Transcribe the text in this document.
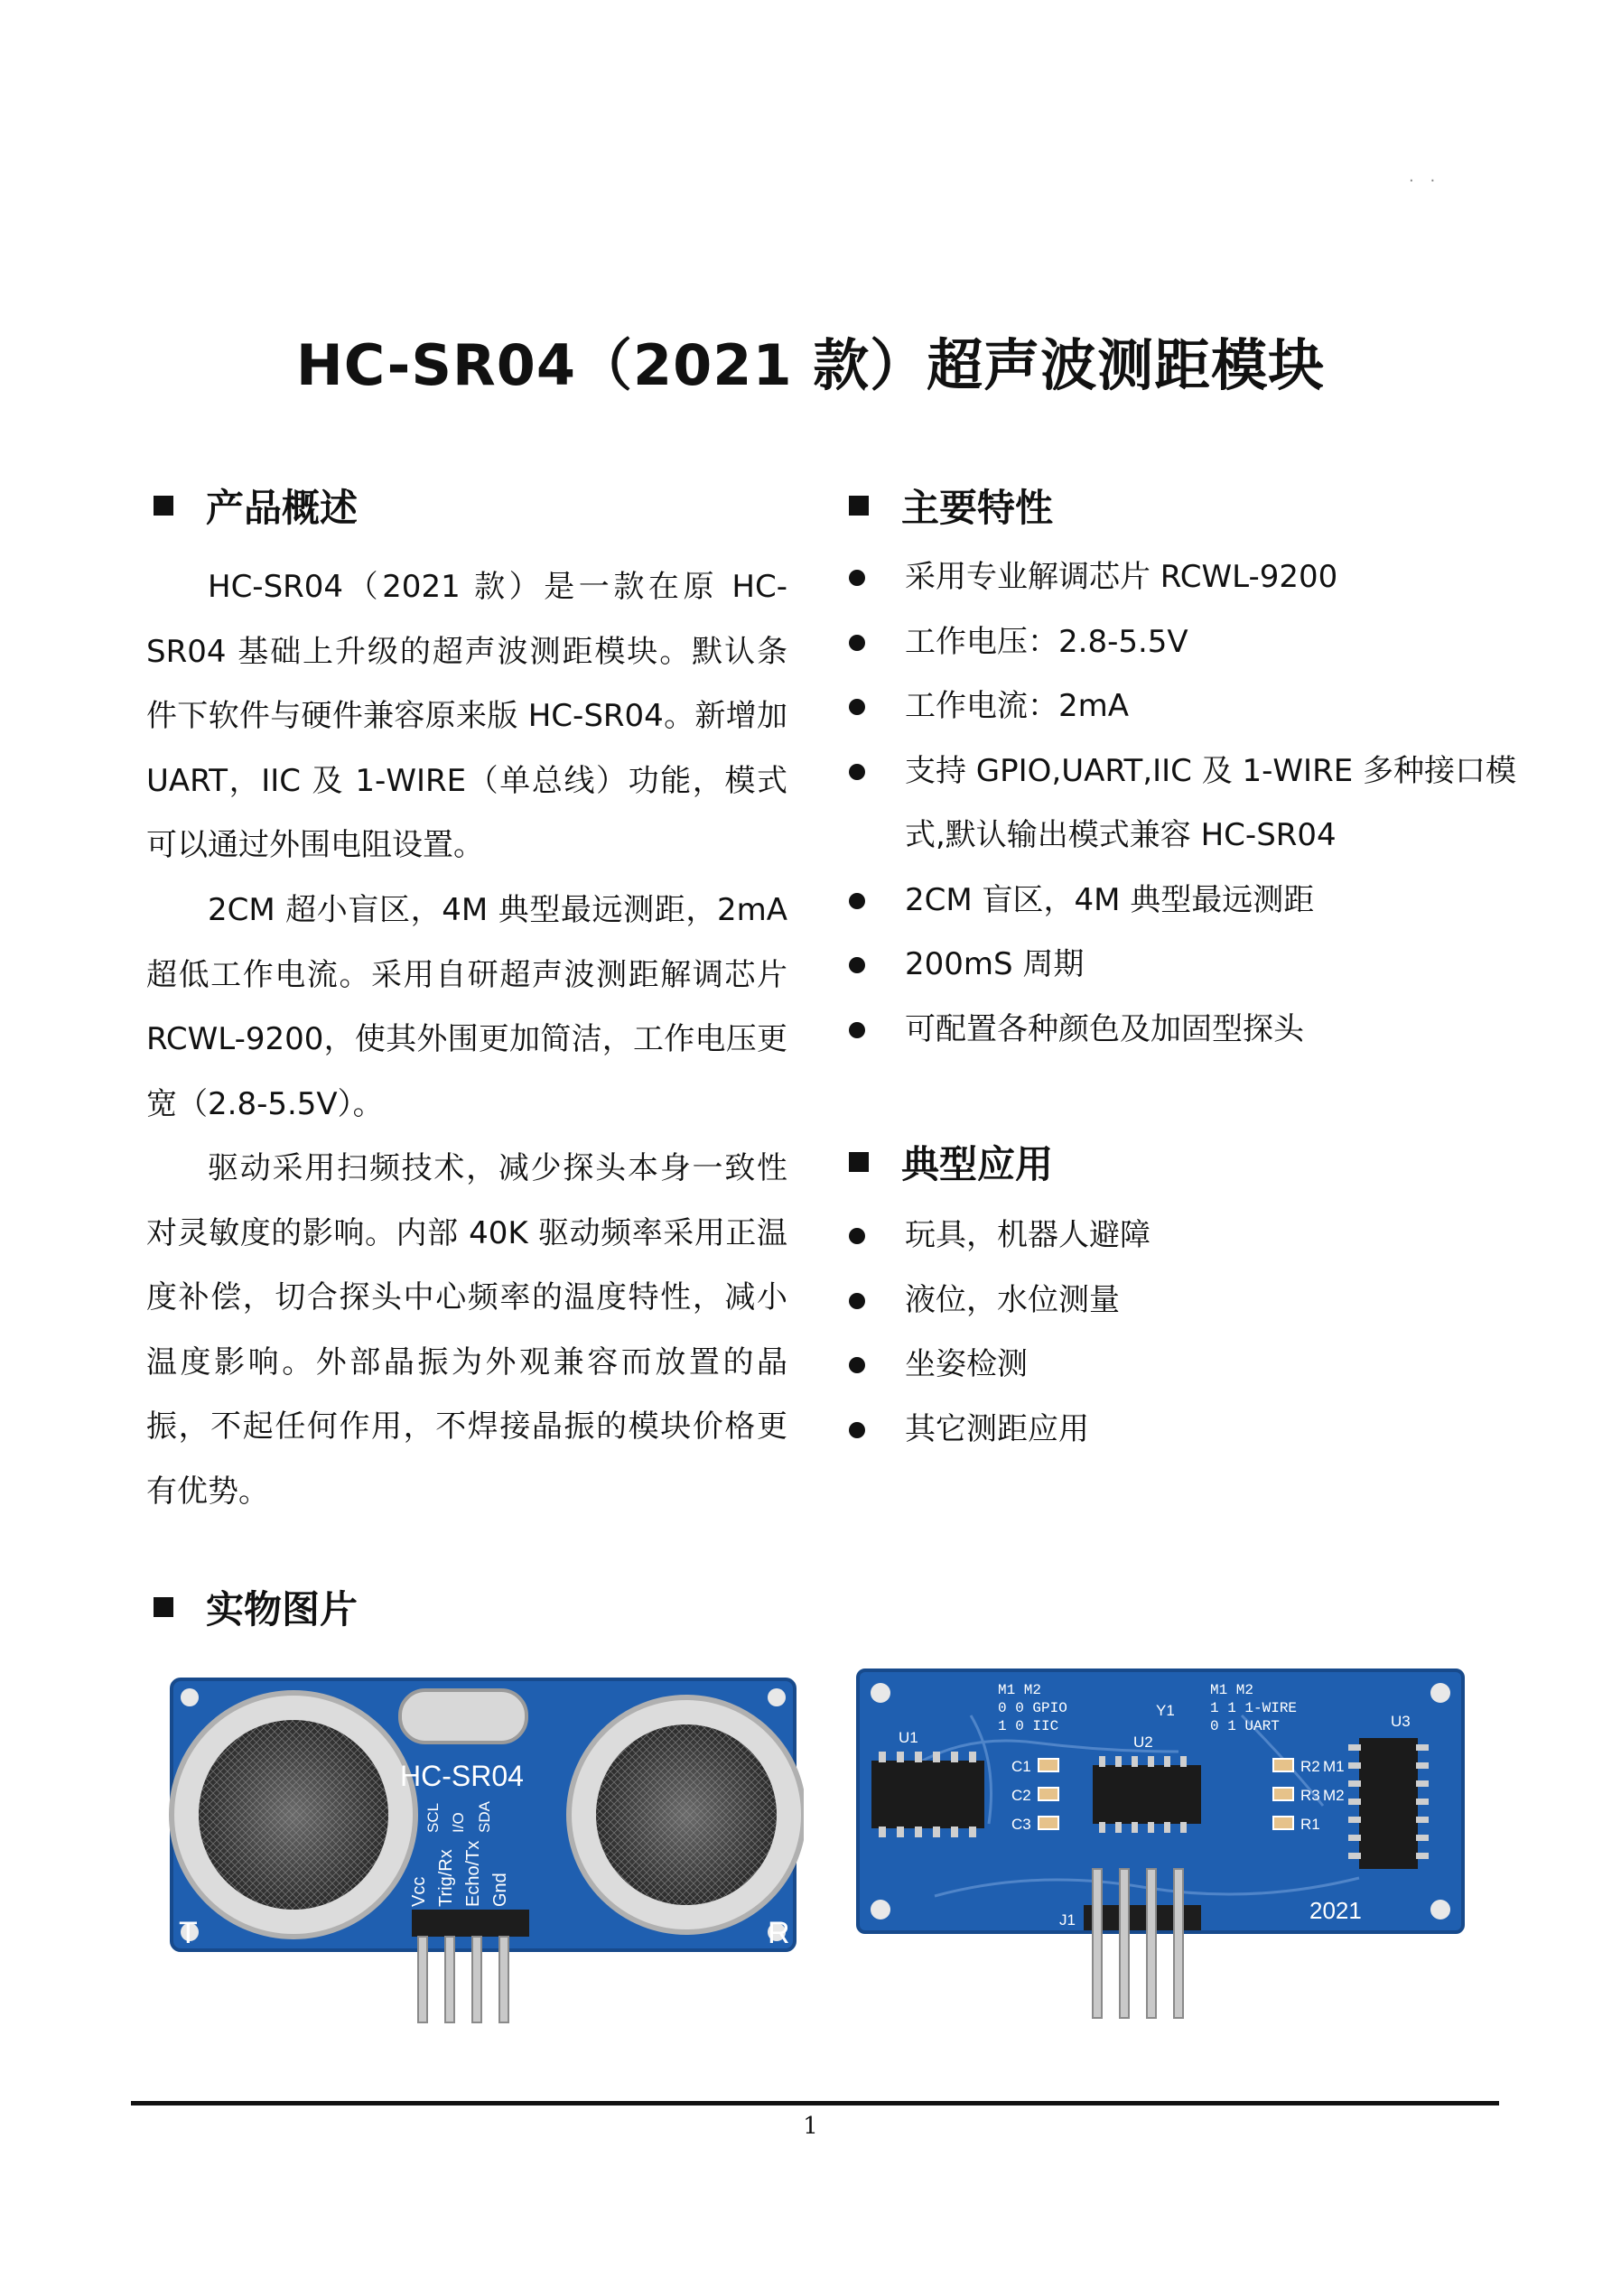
. .
HC-SR04（2021 款）超声波测距模块
产品概述

HC-SR04（2021 款）是一款在原 HC-SR04 基础上升级的超声波测距模块。默认条件下软件与硬件兼容原来版 HC-SR04。新增加 UART，IIC 及 1-WIRE（单总线）功能，模式可以通过外围电阻设置。

2CM 超小盲区，4M 典型最远测距，2mA 超低工作电流。采用自研超声波测距解调芯片 RCWL-9200，使其外围更加简洁，工作电压更宽（2.8-5.5V）。

驱动采用扫频技术，减少探头本身一致性对灵敏度的影响。内部 40K 驱动频率采用正温度补偿，切合探头中心频率的温度特性，减小温度影响。外部晶振为外观兼容而放置的晶振，不起任何作用，不焊接晶振的模块价格更有优势。

主要特性
采用专业解调芯片 RCWL-9200
工作电压：2.8-5.5V
工作电流：2mA
支持 GPIO,UART,IIC 及 1-WIRE 多种接口模式,默认输出模式兼容 HC-SR04
2CM 盲区，4M 典型最远测距
200mS 周期
可配置各种颜色及加固型探头
典型应用
玩具，机器人避障
液位，水位测量
坐姿检测
其它测距应用
实物图片
HC-SR04
T	R
Vcc Trig/Rx Echo/Tx Gnd
SCL I/O SDA
M1 M2
0 0 GPIO
1 0 IIC
M1 M2
1 1 1-WIRE
0 1 UART
U1	U2
U3
Y1
C1
C2
C3	R1
R2
R3
M1
M2
J1	2021
1
